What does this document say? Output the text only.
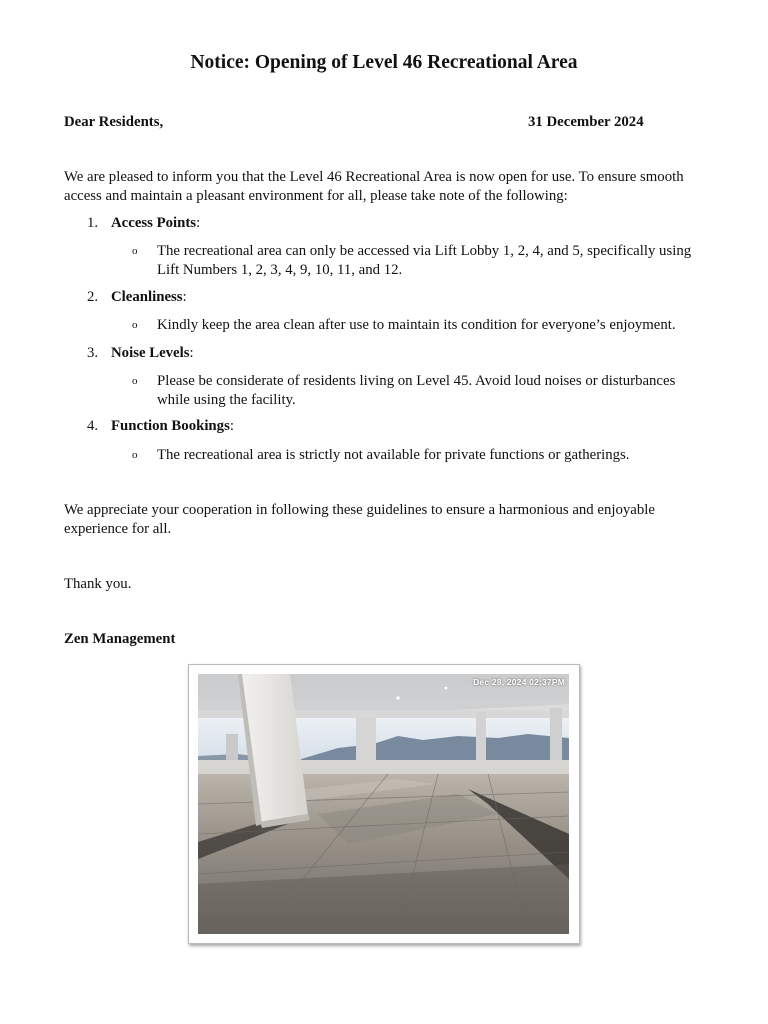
Notice: Opening of Level 46 Recreational Area
Dear Residents,	31 December 2024

We are pleased to inform you that the Level 46 Recreational Area is now open for use. To ensure smooth access and maintain a pleasant environment for all, please take note of the following:

1. Access Points:
o The recreational area can only be accessed via Lift Lobby 1, 2, 4, and 5, specifically using Lift Numbers 1, 2, 3, 4, 9, 10, 11, and 12.
2. Cleanliness:
o Kindly keep the area clean after use to maintain its condition for everyone’s enjoyment.
3. Noise Levels:
o Please be considerate of residents living on Level 45. Avoid loud noises or disturbances while using the facility.
4. Function Bookings:
o The recreational area is strictly not available for private functions or gatherings.

We appreciate your cooperation in following these guidelines to ensure a harmonious and enjoyable experience for all.

Thank you.

Zen Management
Dec 28, 2024 02:37PM
